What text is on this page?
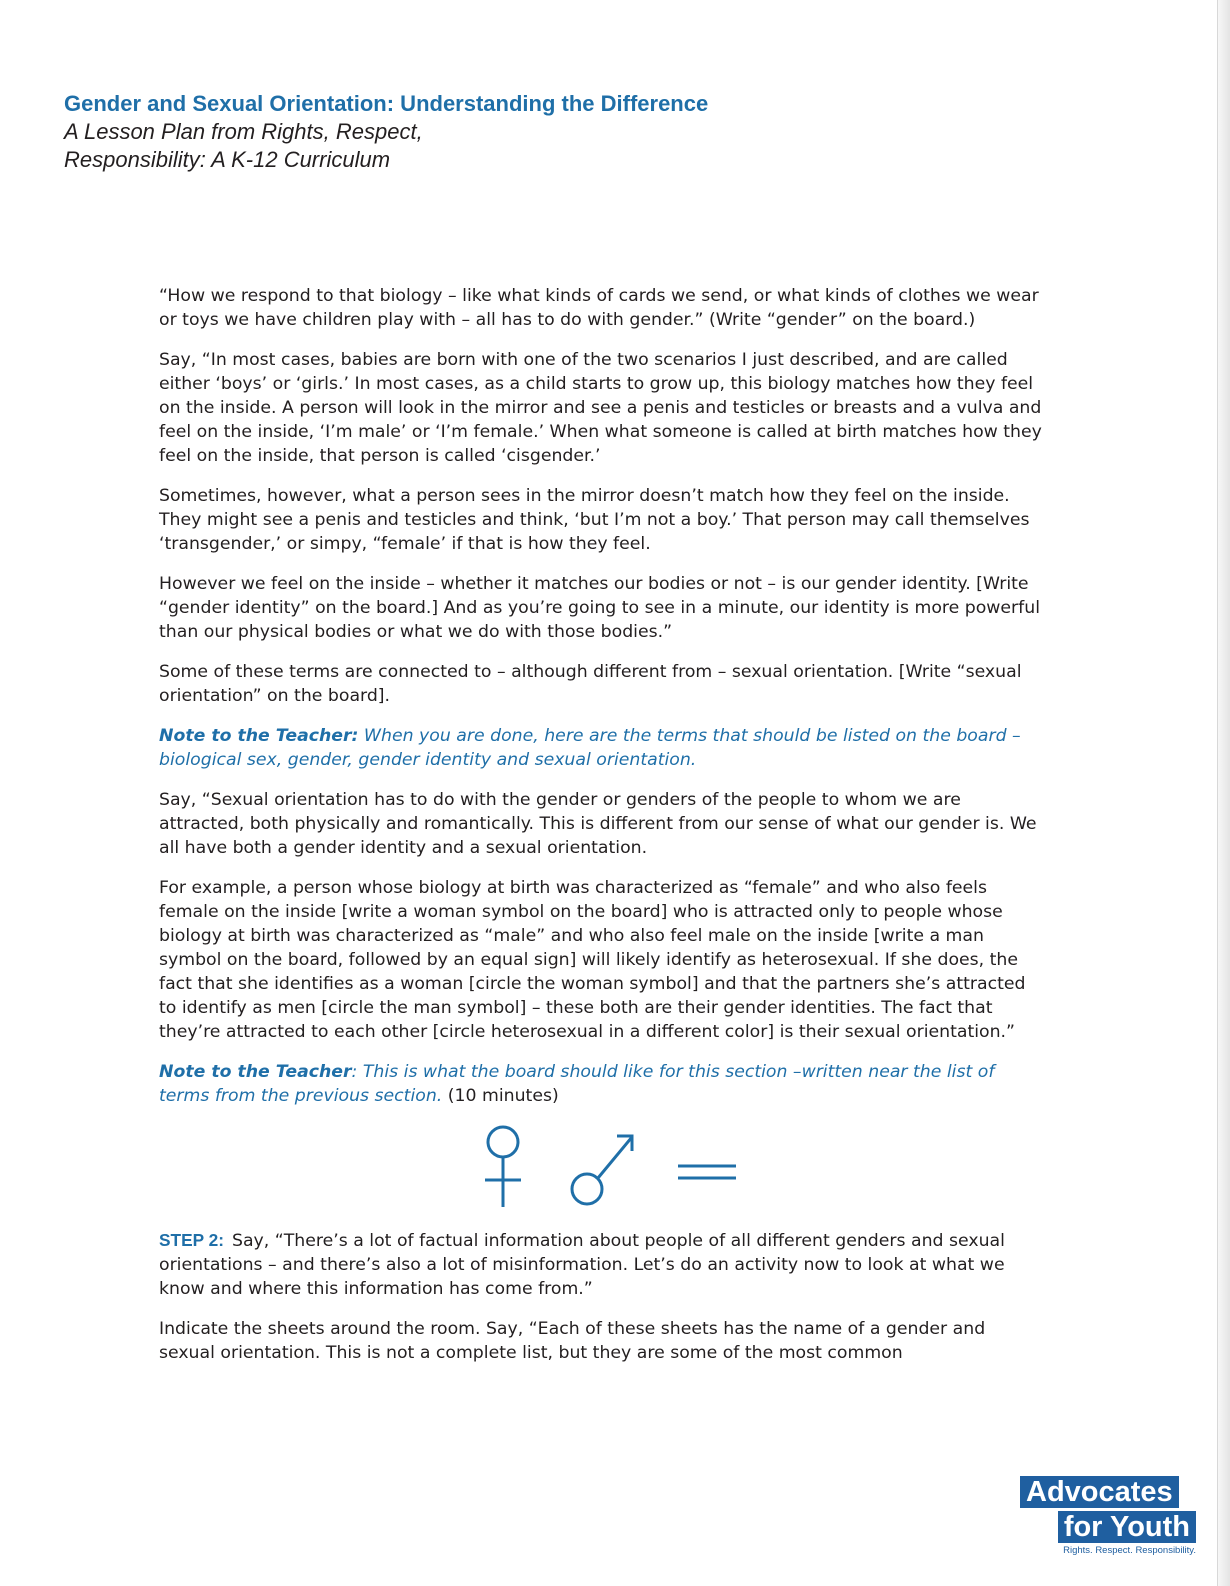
Gender and Sexual Orientation: Understanding the Difference
A Lesson Plan from Rights, Respect,
Responsibility: A K-12 Curriculum

“How we respond to that biology – like what kinds of cards we send, or what kinds of clothes we wear or toys we have children play with – all has to do with gender.” (Write “gender” on the board.)

Say, “In most cases, babies are born with one of the two scenarios I just described, and are called either ‘boys’ or ‘girls.’ In most cases, as a child starts to grow up, this biology matches how they feel on the inside. A person will look in the mirror and see a penis and testicles or breasts and a vulva and feel on the inside, ‘I’m male’ or ‘I’m female.’ When what someone is called at birth matches how they feel on the inside, that person is called ‘cisgender.’

Sometimes, however, what a person sees in the mirror doesn’t match how they feel on the inside. They might see a penis and testicles and think, ‘but I’m not a boy.’ That person may call themselves ‘transgender,’ or simpy, “female’ if that is how they feel.

However we feel on the inside – whether it matches our bodies or not – is our gender identity. [Write “gender identity” on the board.] And as you’re going to see in a minute, our identity is more powerful than our physical bodies or what we do with those bodies.”

Some of these terms are connected to – although different from – sexual orientation. [Write “sexual orientation” on the board].

Note to the Teacher: When you are done, here are the terms that should be listed on the board – biological sex, gender, gender identity and sexual orientation.

Say, “Sexual orientation has to do with the gender or genders of the people to whom we are attracted, both physically and romantically. This is different from our sense of what our gender is. We all have both a gender identity and a sexual orientation.

For example, a person whose biology at birth was characterized as “female” and who also feels female on the inside [write a woman symbol on the board] who is attracted only to people whose biology at birth was characterized as “male” and who also feel male on the inside [write a man symbol on the board, followed by an equal sign] will likely identify as heterosexual. If she does, the fact that she identifies as a woman [circle the woman symbol] and that the partners she’s attracted to identify as men [circle the man symbol] – these both are their gender identities. The fact that they’re attracted to each other [circle heterosexual in a different color] is their sexual orientation.”

Note to the Teacher: This is what the board should like for this section –written near the list of terms from the previous section. (10 minutes)

STEP 2: Say, “There’s a lot of factual information about people of all different genders and sexual orientations – and there’s also a lot of misinformation. Let’s do an activity now to look at what we know and where this information has come from.”

Indicate the sheets around the room. Say, “Each of these sheets has the name of a gender and sexual orientation. This is not a complete list, but they are some of the most common

Advocates
for Youth
Rights. Respect. Responsibility.
